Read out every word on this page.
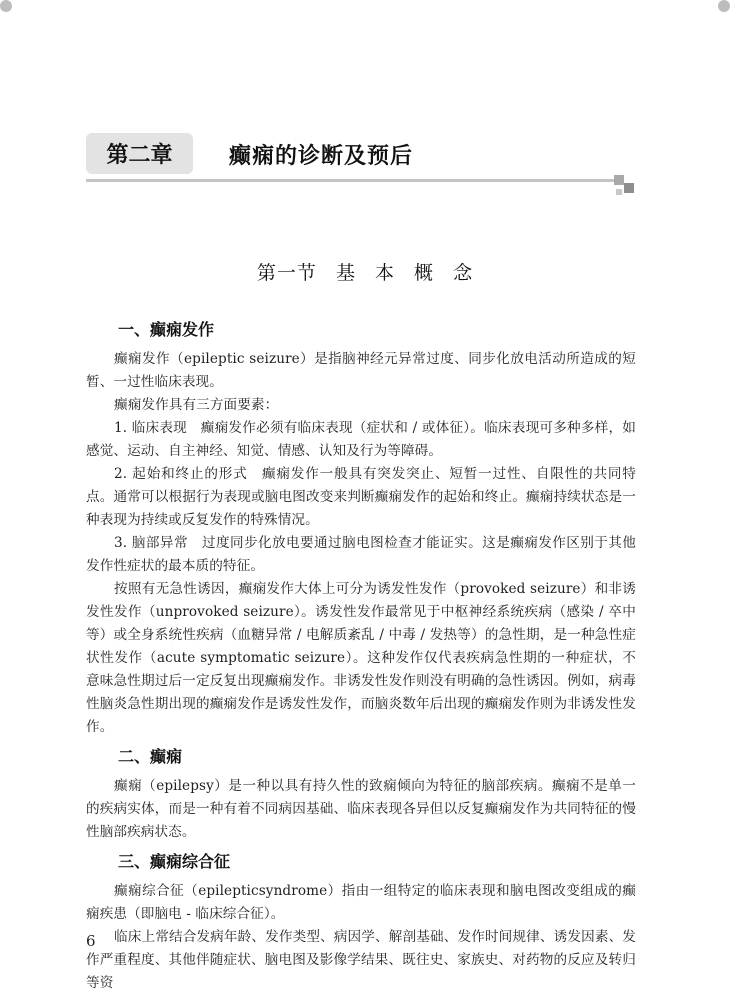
第二章	癫痫的诊断及预后
第一节 基 本 概 念
一、癫痫发作

癫痫发作（epileptic seizure）是指脑神经元异常过度、同步化放电活动所造成的短暂、一过性临床表现。

癫痫发作具有三方面要素：

1. 临床表现　癫痫发作必须有临床表现（症状和 / 或体征）。临床表现可多种多样，如感觉、运动、自主神经、知觉、情感、认知及行为等障碍。

2. 起始和终止的形式　癫痫发作一般具有突发突止、短暂一过性、自限性的共同特点。通常可以根据行为表现或脑电图改变来判断癫痫发作的起始和终止。癫痫持续状态是一种表现为持续或反复发作的特殊情况。

3. 脑部异常　过度同步化放电要通过脑电图检查才能证实。这是癫痫发作区别于其他发作性症状的最本质的特征。

按照有无急性诱因，癫痫发作大体上可分为诱发性发作（provoked seizure）和非诱发性发作（unprovoked seizure）。诱发性发作最常见于中枢神经系统疾病（感染 / 卒中等）或全身系统性疾病（血糖异常 / 电解质紊乱 / 中毒 / 发热等）的急性期，是一种急性症状性发作（acute symptomatic seizure）。这种发作仅代表疾病急性期的一种症状，不意味急性期过后一定反复出现癫痫发作。非诱发性发作则没有明确的急性诱因。例如，病毒性脑炎急性期出现的癫痫发作是诱发性发作，而脑炎数年后出现的癫痫发作则为非诱发性发作。

二、癫痫

癫痫（epilepsy）是一种以具有持久性的致痫倾向为特征的脑部疾病。癫痫不是单一的疾病实体，而是一种有着不同病因基础、临床表现各异但以反复癫痫发作为共同特征的慢性脑部疾病状态。

三、癫痫综合征

癫痫综合征（epilepticsyndrome）指由一组特定的临床表现和脑电图改变组成的癫痫疾患（即脑电 - 临床综合征）。

临床上常结合发病年龄、发作类型、病因学、解剖基础、发作时间规律、诱发因素、发作严重程度、其他伴随症状、脑电图及影像学结果、既往史、家族史、对药物的反应及转归等资

6
